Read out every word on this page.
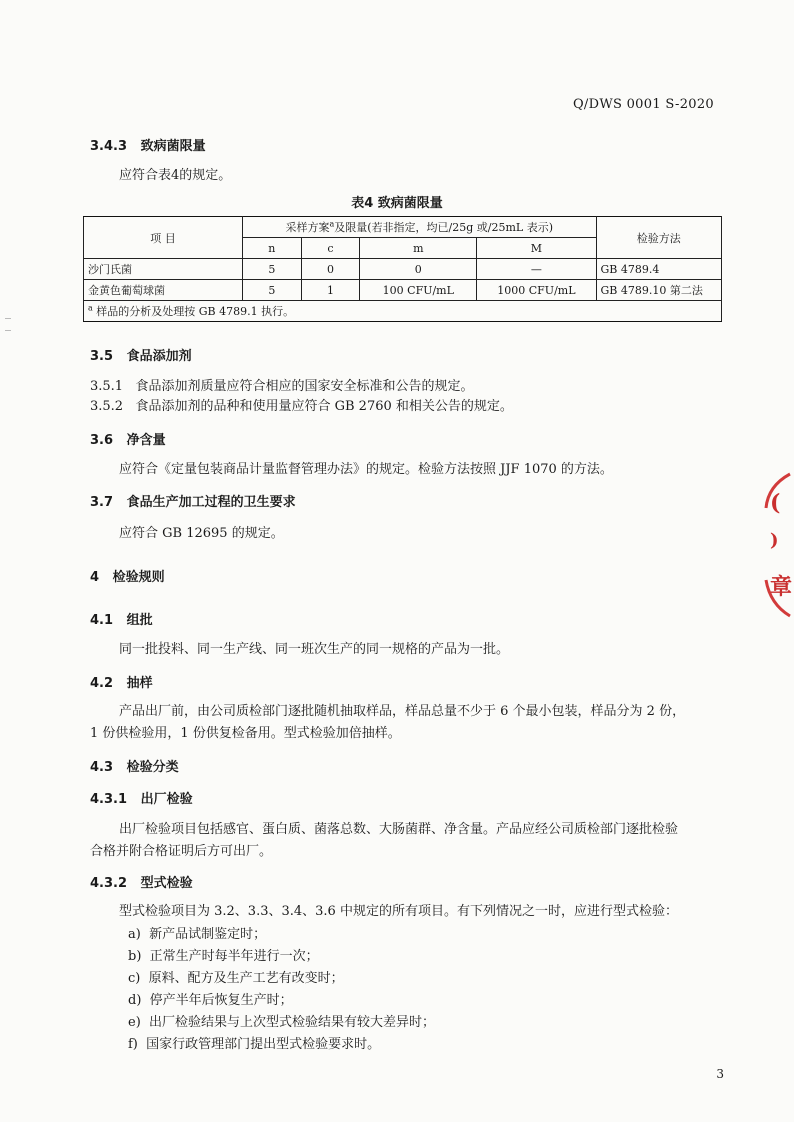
Q/DWS 0001 S-2020
3.4.3 致病菌限量
应符合表4的规定。
表4 致病菌限量
项 目	采样方案$^a$及限量(若非指定，均已/25g 或/25mL 表示)				检验方法
	n	c	m	M	
沙门氏菌	5	0	0	—	GB 4789.4
金黄色葡萄球菌	5	1	100 CFU/mL	1000 CFU/mL	GB 4789.10 第二法
$^a$ 样品的分析及处理按 GB 4789.1 执行。					
3.5 食品添加剂
3.5.1 食品添加剂质量应符合相应的国家安全标准和公告的规定。
3.5.2 食品添加剂的品种和使用量应符合 GB 2760 和相关公告的规定。
3.6 净含量
应符合《定量包装商品计量监督管理办法》的规定。检验方法按照 JJF 1070 的方法。
3.7 食品生产加工过程的卫生要求
应符合 GB 12695 的规定。
4 检验规则
4.1 组批
同一批投料、同一生产线、同一班次生产的同一规格的产品为一批。
4.2 抽样
产品出厂前，由公司质检部门逐批随机抽取样品，样品总量不少于 6 个最小包装，样品分为 2 份，
1 份供检验用，1 份供复检备用。型式检验加倍抽样。
4.3 检验分类
4.3.1 出厂检验
出厂检验项目包括感官、蛋白质、菌落总数、大肠菌群、净含量。产品应经公司质检部门逐批检验
合格并附合格证明后方可出厂。
4.3.2 型式检验
型式检验项目为 3.2、3.3、3.4、3.6 中规定的所有项目。有下列情况之一时，应进行型式检验：
a) 新产品试制鉴定时；
b) 正常生产时每半年进行一次；
c) 原料、配方及生产工艺有改变时；
d) 停产半年后恢复生产时；
e) 出厂检验结果与上次型式检验结果有较大差异时；
f) 国家行政管理部门提出型式检验要求时。
3
(
)
章
